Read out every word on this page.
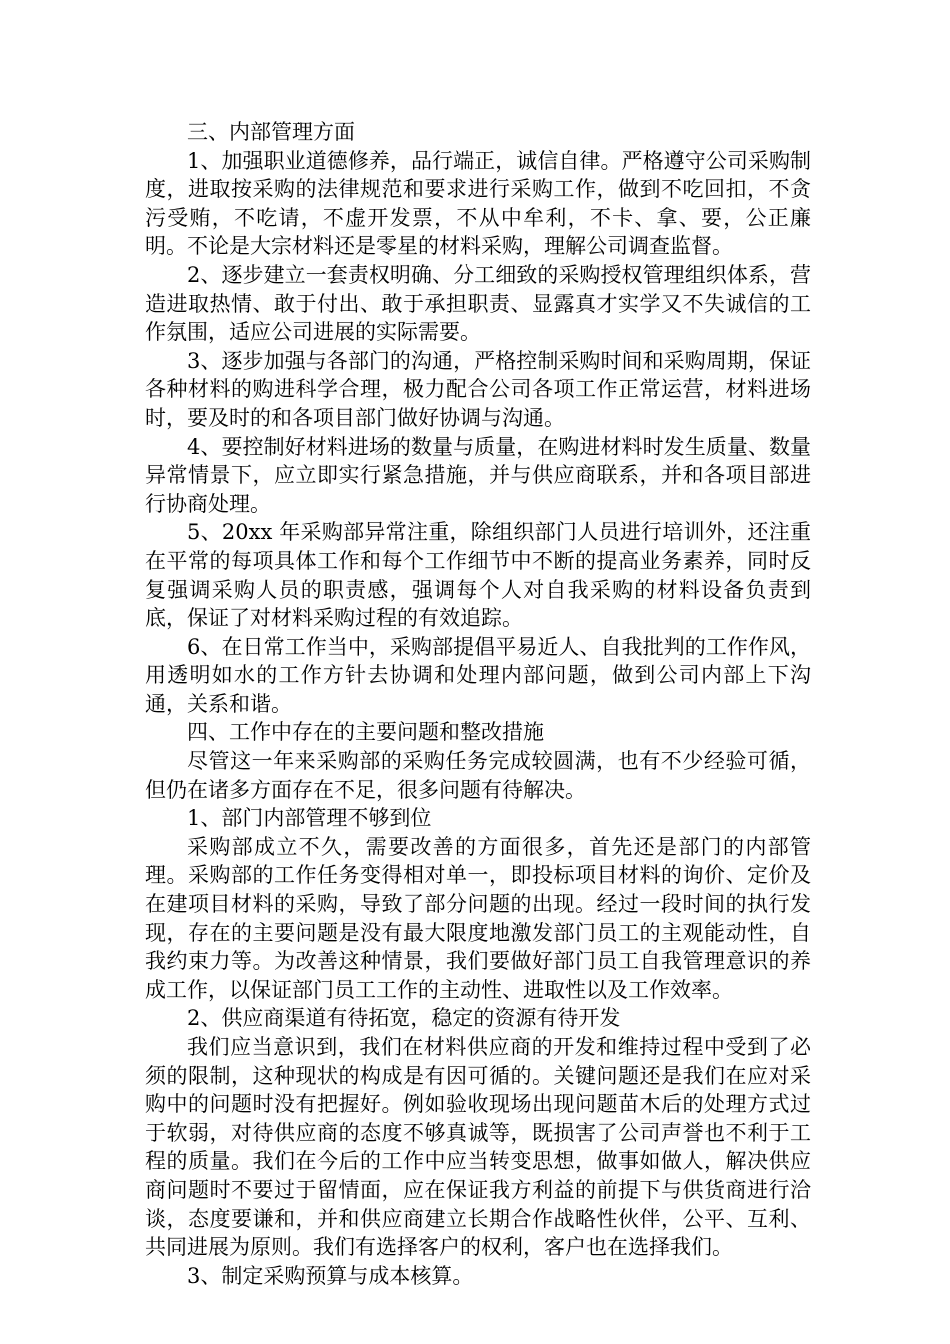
三、内部管理方面

1、加强职业道德修养，品行端正，诚信自律。严格遵守公司采购制度，进取按采购的法律规范和要求进行采购工作，做到不吃回扣，不贪污受贿，不吃请，不虚开发票，不从中牟利，不卡、拿、要，公正廉明。不论是大宗材料还是零星的材料采购，理解公司调查监督。

2、逐步建立一套责权明确、分工细致的采购授权管理组织体系，营造进取热情、敢于付出、敢于承担职责、显露真才实学又不失诚信的工作氛围，适应公司进展的实际需要。

3、逐步加强与各部门的沟通，严格控制采购时间和采购周期，保证各种材料的购进科学合理，极力配合公司各项工作正常运营，材料进场时，要及时的和各项目部门做好协调与沟通。

4、要控制好材料进场的数量与质量，在购进材料时发生质量、数量异常情景下，应立即实行紧急措施，并与供应商联系，并和各项目部进行协商处理。

5、20xx 年采购部异常注重，除组织部门人员进行培训外，还注重在平常的每项具体工作和每个工作细节中不断的提高业务素养，同时反复强调采购人员的职责感，强调每个人对自我采购的材料设备负责到底，保证了对材料采购过程的有效追踪。

6、在日常工作当中，采购部提倡平易近人、自我批判的工作作风，用透明如水的工作方针去协调和处理内部问题，做到公司内部上下沟通，关系和谐。

四、工作中存在的主要问题和整改措施

尽管这一年来采购部的采购任务完成较圆满，也有不少经验可循，但仍在诸多方面存在不足，很多问题有待解决。

1、部门内部管理不够到位

采购部成立不久，需要改善的方面很多，首先还是部门的内部管理。采购部的工作任务变得相对单一，即投标项目材料的询价、定价及在建项目材料的采购，导致了部分问题的出现。经过一段时间的执行发现，存在的主要问题是没有最大限度地激发部门员工的主观能动性，自我约束力等。为改善这种情景，我们要做好部门员工自我管理意识的养成工作，以保证部门员工工作的主动性、进取性以及工作效率。

2、供应商渠道有待拓宽，稳定的资源有待开发

我们应当意识到，我们在材料供应商的开发和维持过程中受到了必须的限制，这种现状的构成是有因可循的。关键问题还是我们在应对采购中的问题时没有把握好。例如验收现场出现问题苗木后的处理方式过于软弱，对待供应商的态度不够真诚等，既损害了公司声誉也不利于工程的质量。我们在今后的工作中应当转变思想，做事如做人，解决供应商问题时不要过于留情面，应在保证我方利益的前提下与供货商进行洽谈，态度要谦和，并和供应商建立长期合作战略性伙伴，公平、互利、共同进展为原则。我们有选择客户的权利，客户也在选择我们。

3、制定采购预算与成本核算。
